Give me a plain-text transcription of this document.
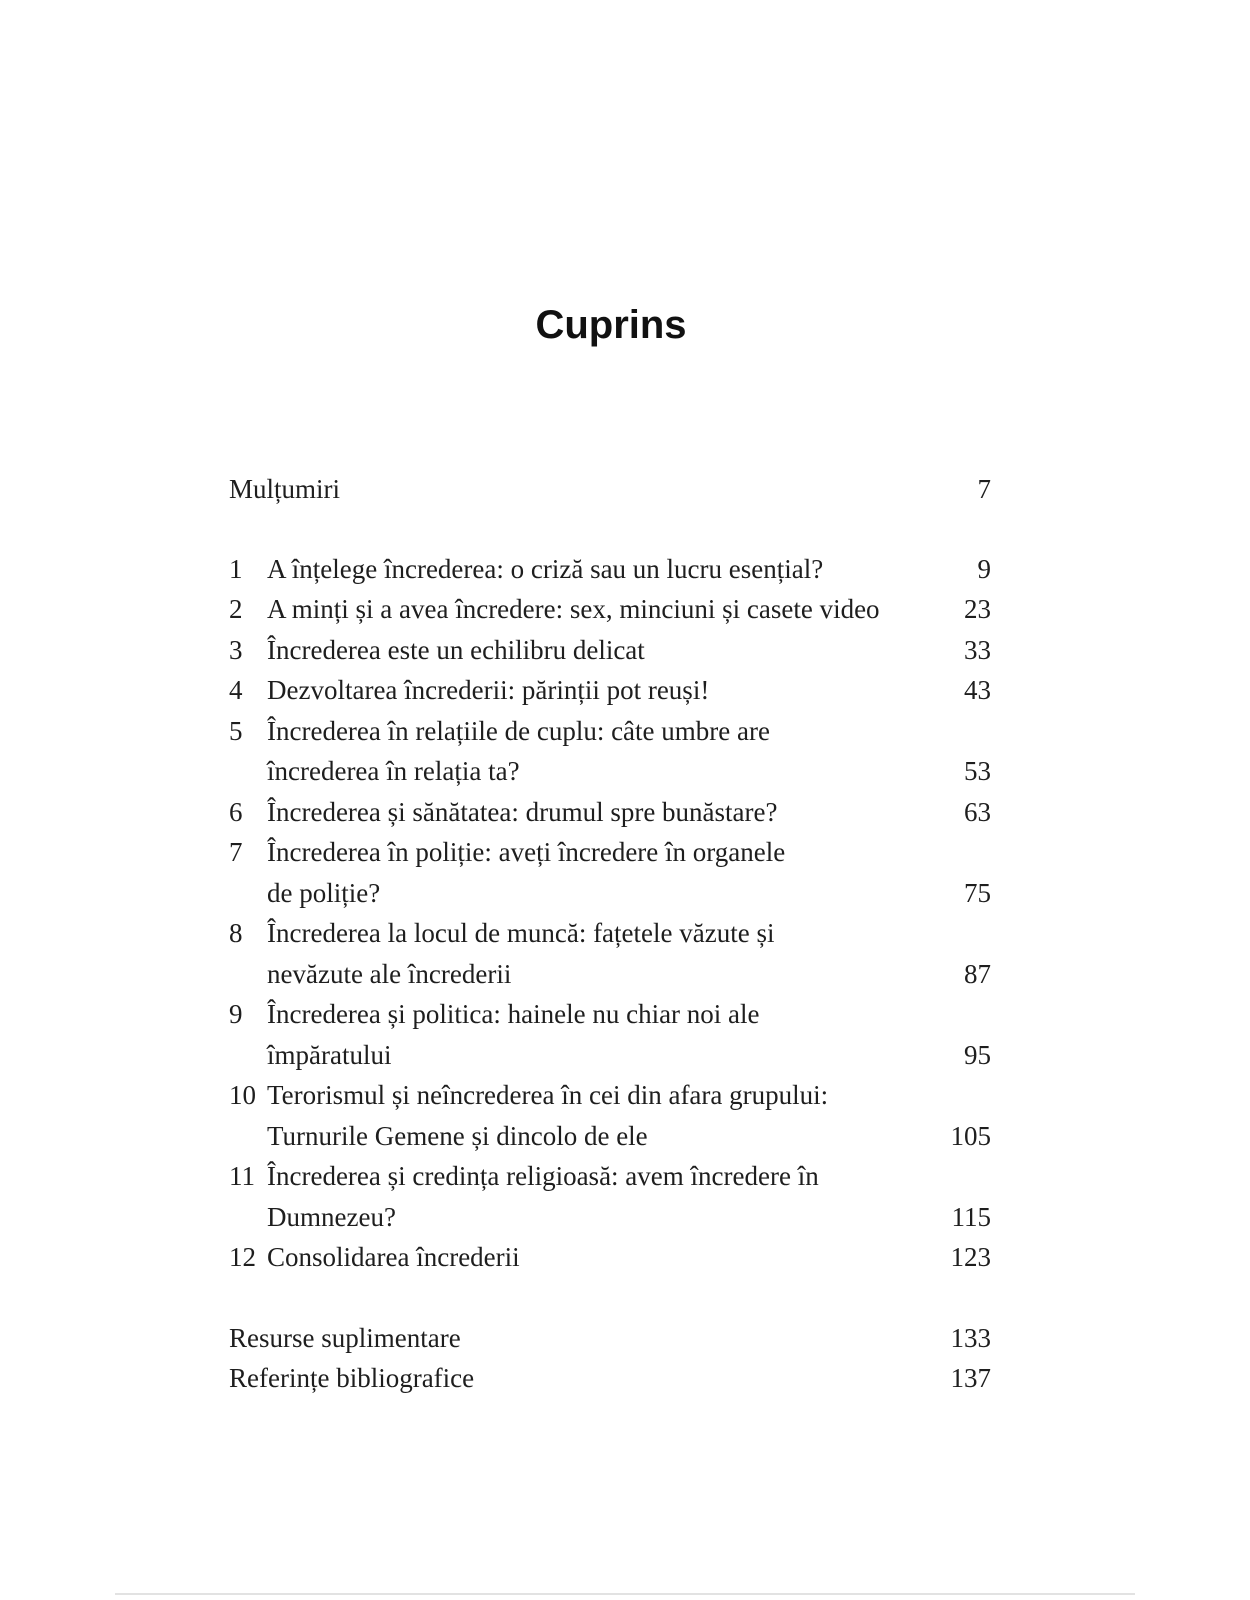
Cuprins
Mulțumiri	7
1 A înțelege încrederea: o criză sau un lucru esențial?	9
2 A minți și a avea încredere: sex, minciuni și casete video	23
3 Încrederea este un echilibru delicat	33
4 Dezvoltarea încrederii: părinții pot reuși!	43
5 Încrederea în relațiile de cuplu: câte umbre are
încrederea în relația ta?	53
6 Încrederea și sănătatea: drumul spre bunăstare?	63
7 Încrederea în poliție: aveți încredere în organele
de poliție?	75
8 Încrederea la locul de muncă: fațetele văzute și
nevăzute ale încrederii	87
9 Încrederea și politica: hainele nu chiar noi ale
împăratului	95
10 Terorismul și neîncrederea în cei din afara grupului:
Turnurile Gemene și dincolo de ele	105
11 Încrederea și credința religioasă: avem încredere în
Dumnezeu?	115
12 Consolidarea încrederii	123
Resurse suplimentare	133
Referințe bibliografice	137
